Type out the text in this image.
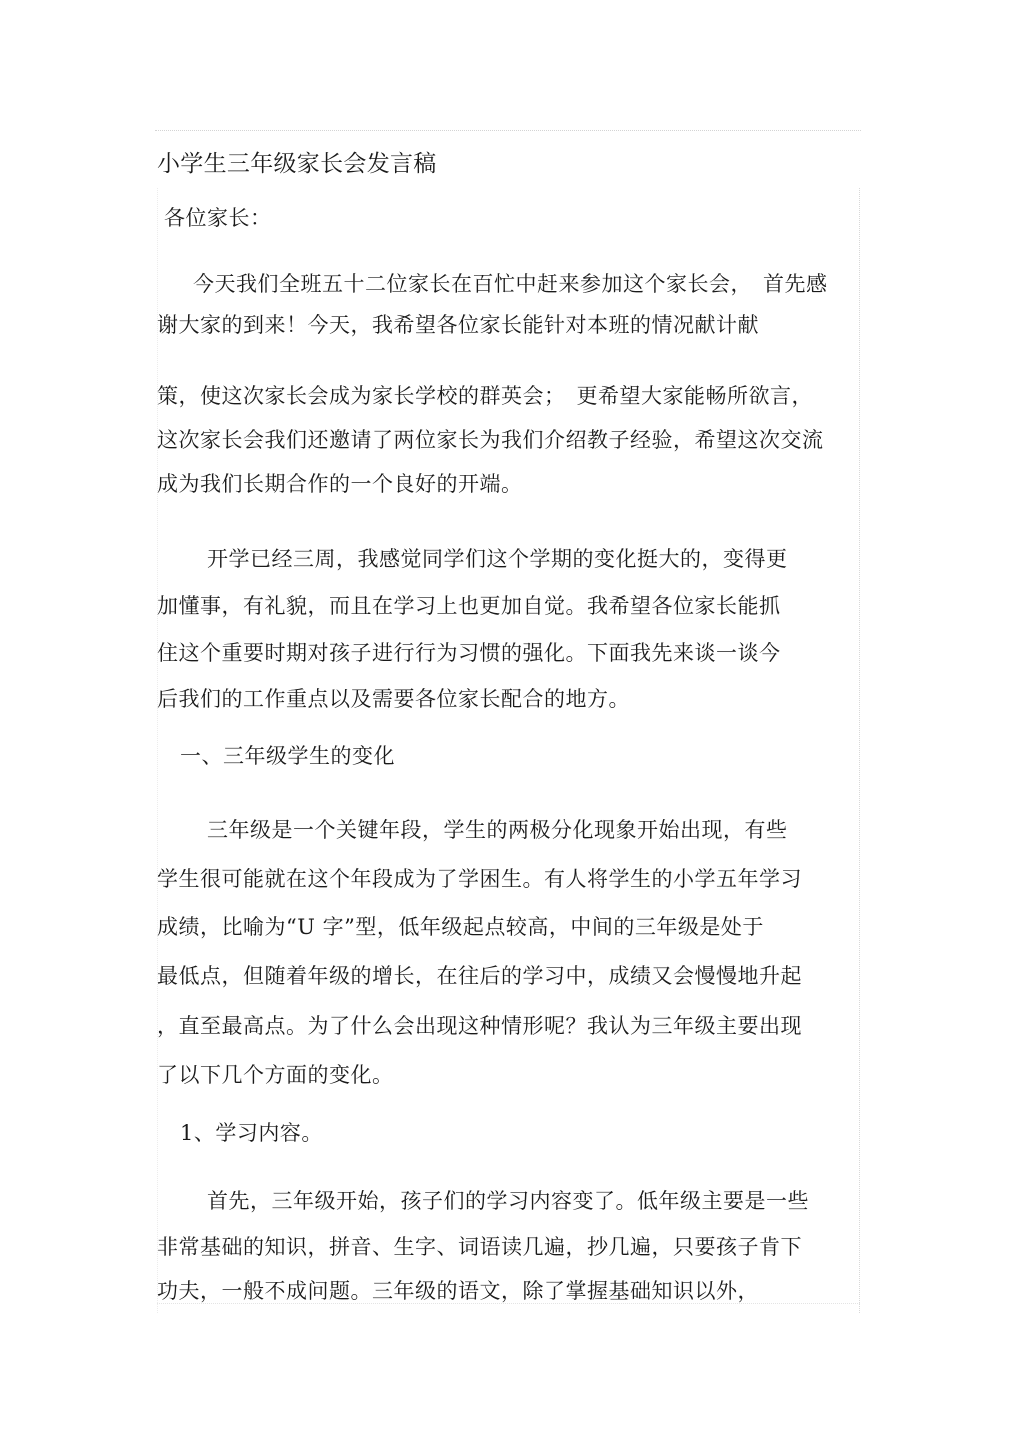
小学生三年级家长会发言稿
各位家长：
今天我们全班五十二位家长在百忙中赶来参加这个家长会，　首先感
谢大家的到来！今天，我希望各位家长能针对本班的情况献计献
策，使这次家长会成为家长学校的群英会；　更希望大家能畅所欲言，
这次家长会我们还邀请了两位家长为我们介绍教子经验，希望这次交流
成为我们长期合作的一个良好的开端。
开学已经三周，我感觉同学们这个学期的变化挺大的，变得更
加懂事，有礼貌，而且在学习上也更加自觉。我希望各位家长能抓
住这个重要时期对孩子进行行为习惯的强化。下面我先来谈一谈今
后我们的工作重点以及需要各位家长配合的地方。
一、三年级学生的变化
三年级是一个关键年段，学生的两极分化现象开始出现，有些
学生很可能就在这个年段成为了学困生。有人将学生的小学五年学习
成绩，比喻为“U 字”型，低年级起点较高，中间的三年级是处于
最低点，但随着年级的增长，在往后的学习中，成绩又会慢慢地升起
，直至最高点。为了什么会出现这种情形呢？我认为三年级主要出现
了以下几个方面的变化。
1、学习内容。
首先，三年级开始，孩子们的学习内容变了。低年级主要是一些
非常基础的知识，拼音、生字、词语读几遍，抄几遍，只要孩子肯下
功夫，一般不成问题。三年级的语文，除了掌握基础知识以外，
